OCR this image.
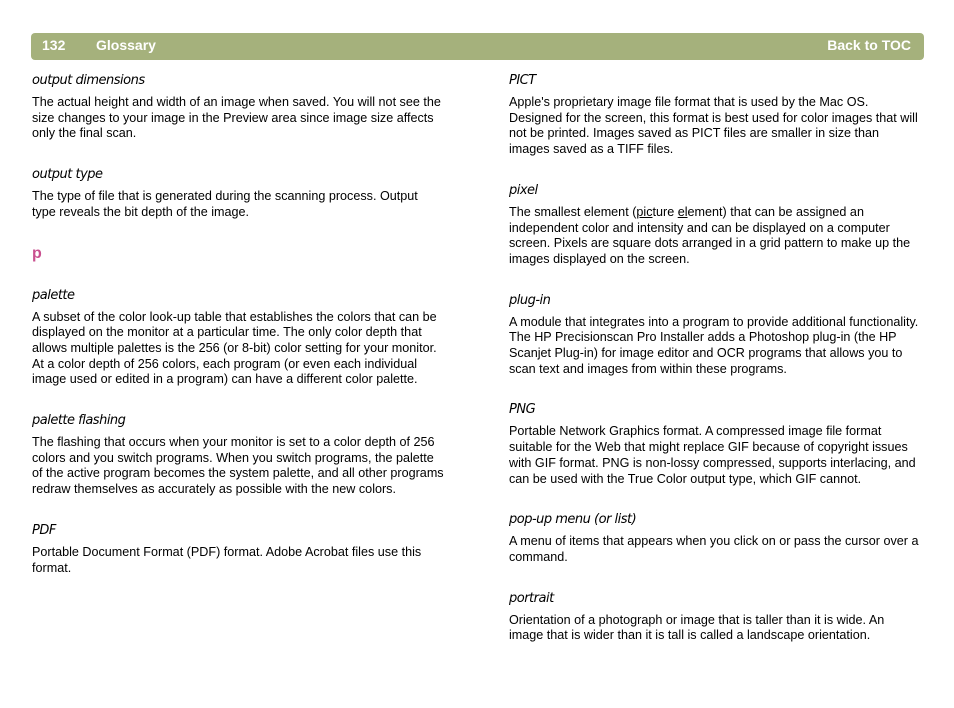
132 Glossary	Back to TOC

output dimensions

The actual height and width of an image when saved. You will not see the size changes to your image in the Preview area since image size affects only the final scan.

output type

The type of file that is generated during the scanning process. Output type reveals the bit depth of the image.

p

palette

A subset of the color look-up table that establishes the colors that can be displayed on the monitor at a particular time. The only color depth that allows multiple palettes is the 256 (or 8-bit) color setting for your monitor. At a color depth of 256 colors, each program (or even each individual image used or edited in a program) can have a different color palette.

palette flashing

The flashing that occurs when your monitor is set to a color depth of 256 colors and you switch programs. When you switch programs, the palette of the active program becomes the system palette, and all other programs redraw themselves as accurately as possible with the new colors.

PDF

Portable Document Format (PDF) format. Adobe Acrobat files use this format.

PICT

Apple's proprietary image file format that is used by the Mac OS. Designed for the screen, this format is best used for color images that will not be printed. Images saved as PICT files are smaller in size than images saved as a TIFF files.

pixel

The smallest element (picture element) that can be assigned an independent color and intensity and can be displayed on a computer screen. Pixels are square dots arranged in a grid pattern to make up the images displayed on the screen.

plug-in

A module that integrates into a program to provide additional functionality. The HP Precisionscan Pro Installer adds a Photoshop plug-in (the HP Scanjet Plug-in) for image editor and OCR programs that allows you to scan text and images from within these programs.

PNG

Portable Network Graphics format. A compressed image file format suitable for the Web that might replace GIF because of copyright issues with GIF format. PNG is non-lossy compressed, supports interlacing, and can be used with the True Color output type, which GIF cannot.

pop-up menu (or list)

A menu of items that appears when you click on or pass the cursor over a command.

portrait

Orientation of a photograph or image that is taller than it is wide. An image that is wider than it is tall is called a landscape orientation.
